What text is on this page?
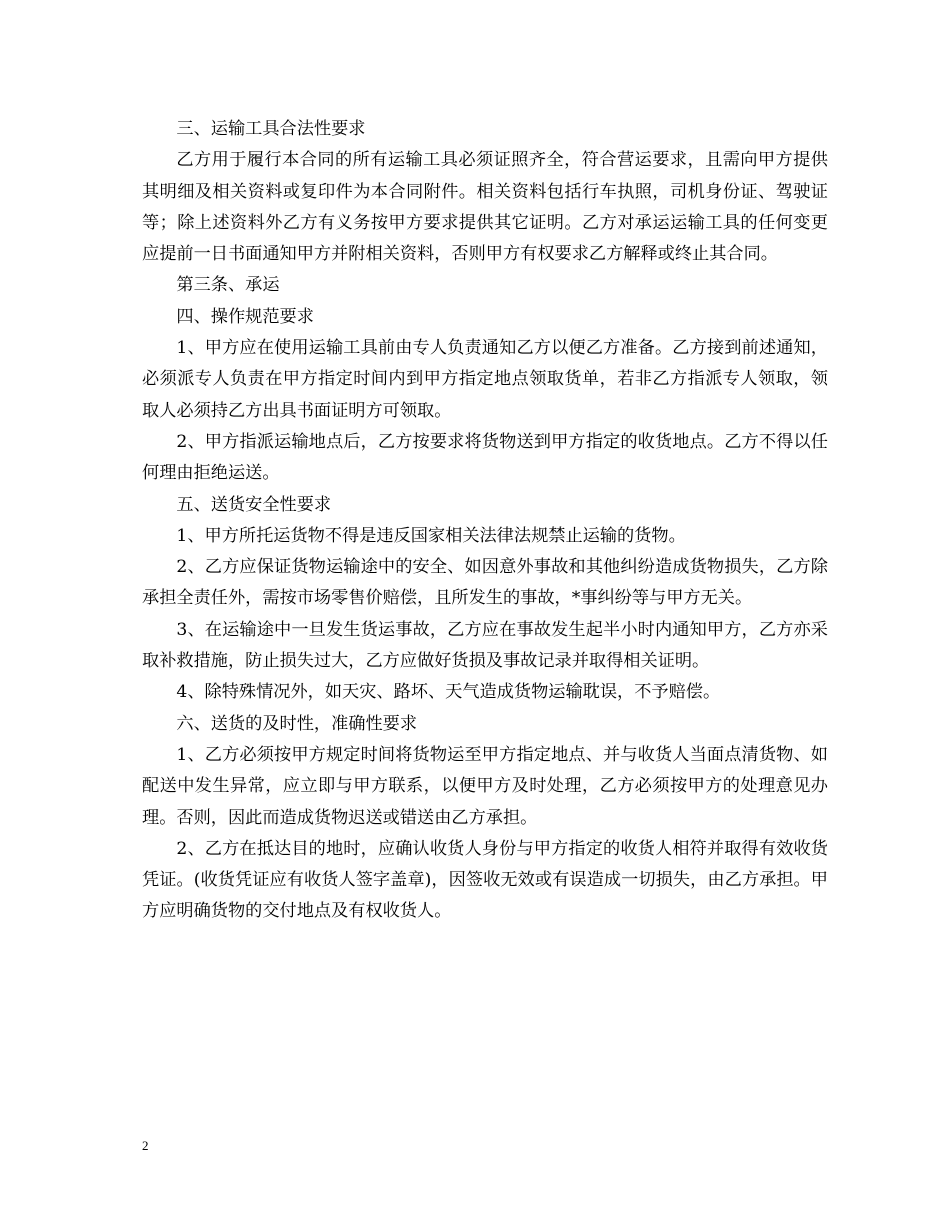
三、运输工具合法性要求

乙方用于履行本合同的所有运输工具必须证照齐全，符合营运要求，且需向甲方提供其明细及相关资料或复印件为本合同附件。相关资料包括行车执照，司机身份证、驾驶证等；除上述资料外乙方有义务按甲方要求提供其它证明。乙方对承运运输工具的任何变更应提前一日书面通知甲方并附相关资料，否则甲方有权要求乙方解释或终止其合同。

第三条、承运

四、操作规范要求

1、甲方应在使用运输工具前由专人负责通知乙方以便乙方准备。乙方接到前述通知，必须派专人负责在甲方指定时间内到甲方指定地点领取货单，若非乙方指派专人领取，领取人必须持乙方出具书面证明方可领取。

2、甲方指派运输地点后，乙方按要求将货物送到甲方指定的收货地点。乙方不得以任何理由拒绝运送。

五、送货安全性要求

1、甲方所托运货物不得是违反国家相关法律法规禁止运输的货物。

2、乙方应保证货物运输途中的安全、如因意外事故和其他纠纷造成货物损失，乙方除承担全责任外，需按市场零售价赔偿，且所发生的事故，*事纠纷等与甲方无关。

3、在运输途中一旦发生货运事故，乙方应在事故发生起半小时内通知甲方，乙方亦采取补救措施，防止损失过大，乙方应做好货损及事故记录并取得相关证明。

4、除特殊情况外，如天灾、路坏、天气造成货物运输耽误，不予赔偿。

六、送货的及时性，准确性要求

1、乙方必须按甲方规定时间将货物运至甲方指定地点、并与收货人当面点清货物、如配送中发生异常，应立即与甲方联系，以便甲方及时处理，乙方必须按甲方的处理意见办理。否则，因此而造成货物迟送或错送由乙方承担。

2、乙方在抵达目的地时，应确认收货人身份与甲方指定的收货人相符并取得有效收货凭证。(收货凭证应有收货人签字盖章)，因签收无效或有误造成一切损失，由乙方承担。甲方应明确货物的交付地点及有权收货人。

2
